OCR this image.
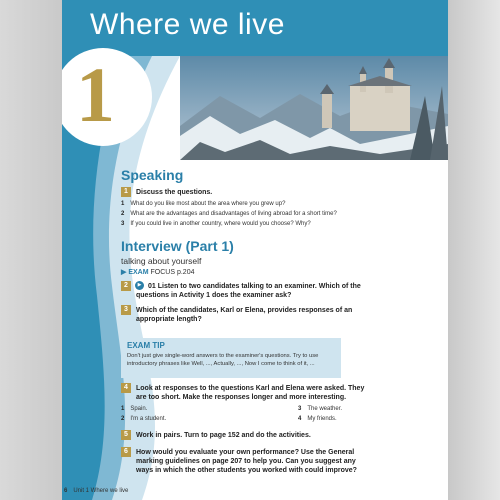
Where we live
1
Speaking
1	Discuss the questions.
1 What do you like most about the area where you grew up?
2 What are the advantages and disadvantages of living abroad for a short time?
3 If you could live in another country, where would you choose? Why?
Interview (Part 1)
talking about yourself
▶ EXAM FOCUS p.204
2	▶ 01 Listen to two candidates talking to an examiner. Which of the
questions in Activity 1 does the examiner ask?
3	Which of the candidates, Karl or Elena, provides responses of an
appropriate length?
EXAM TIP
Don't just give single-word answers to the examiner's questions. Try to use introductory phrases like Well, ..., Actually, ..., Now I come to think of it, ...
4	Look at responses to the questions Karl and Elena were asked. They
are too short. Make the responses longer and more interesting.
1 Spain.
2 I'm a student.
3 The weather.
4 My friends.
5	Work in pairs. Turn to page 152 and do the activities.
6	How would you evaluate your own performance? Use the General
marking guidelines on page 207 to help you. Can you suggest any
ways in which the other students you worked with could improve?
6 Unit 1 Where we live
